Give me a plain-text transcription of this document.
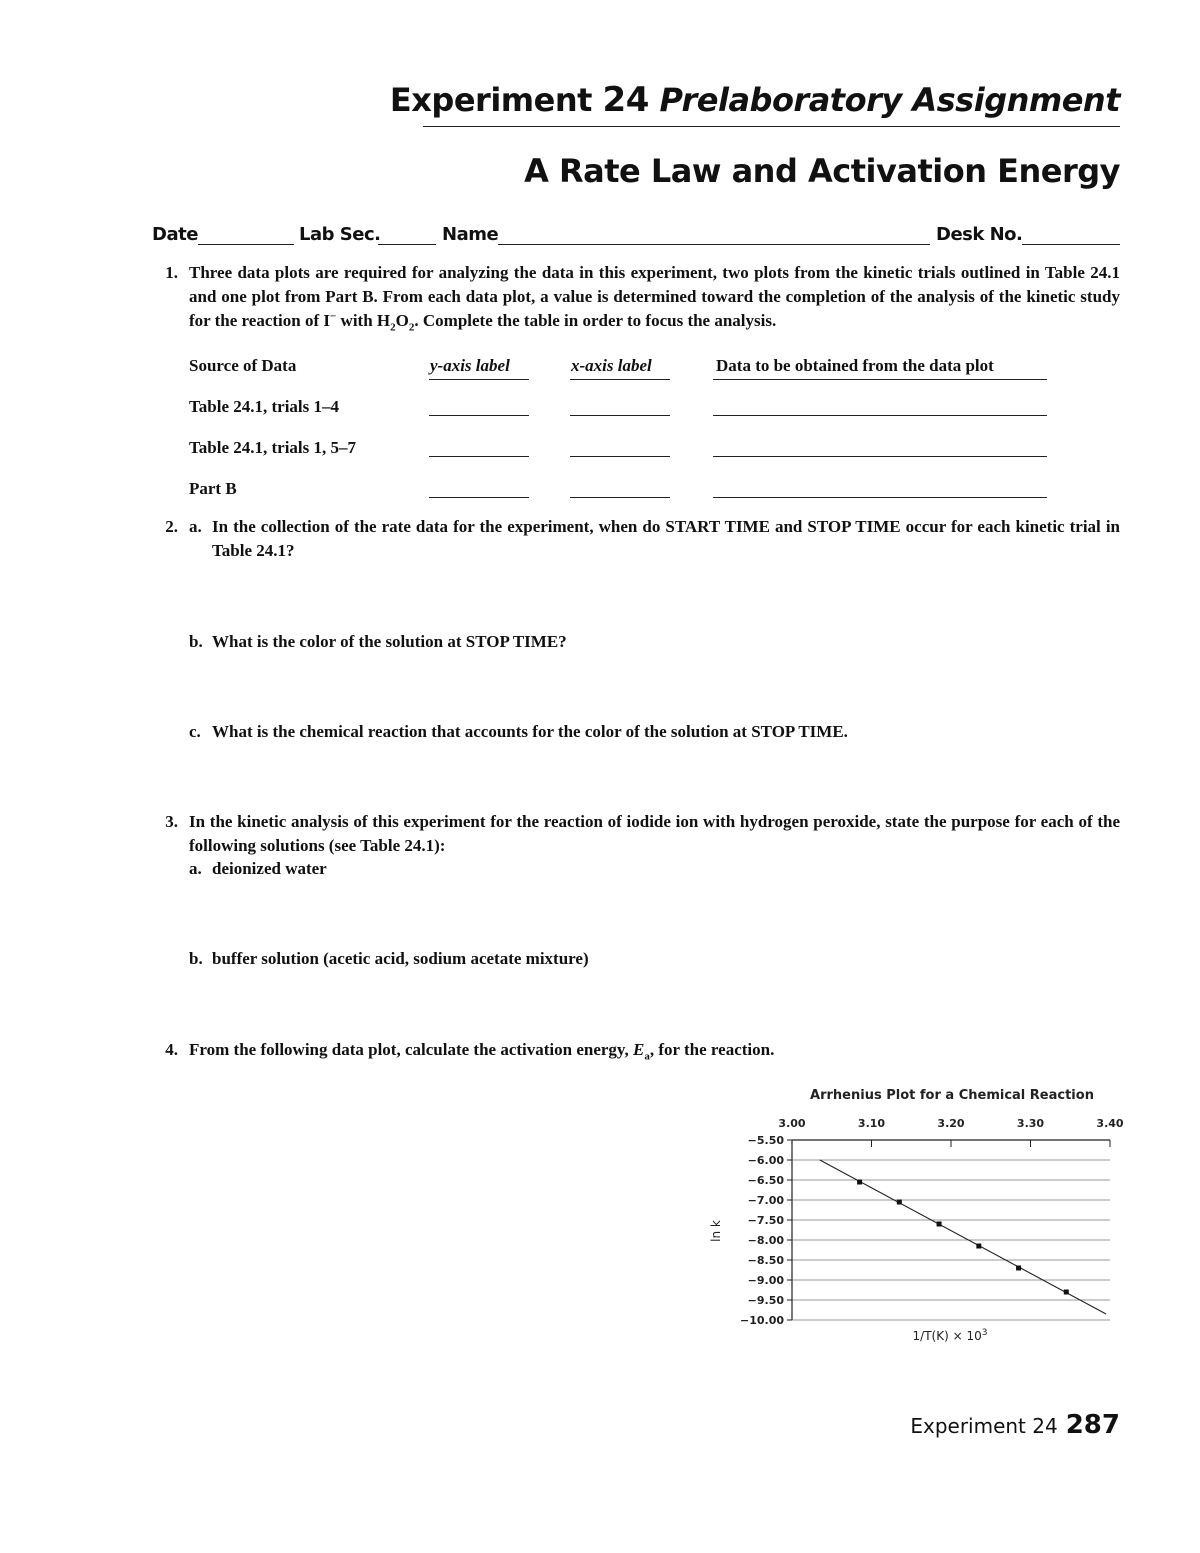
Experiment 24 Prelaboratory Assignment
A Rate Law and Activation Energy
Date	Lab Sec.	Name	Desk No.
1. Three data plots are required for analyzing the data in this experiment, two plots from the kinetic trials outlined in Table 24.1 and one plot from Part B. From each data plot, a value is determined toward the completion of the analysis of the kinetic study for the reaction of I− with $H_2O_2$. Complete the table in order to focus the analysis.
Source of Data	y-axis label	x-axis label	Data to be obtained from the data plot
Table 24.1, trials 1–4
Table 24.1, trials 1, 5–7
Part B
2. a. In the collection of the rate data for the experiment, when do START TIME and STOP TIME occur for each kinetic trial in Table 24.1?
b. What is the color of the solution at STOP TIME?
c. What is the chemical reaction that accounts for the color of the solution at STOP TIME.
3. In the kinetic analysis of this experiment for the reaction of iodide ion with hydrogen peroxide, state the purpose for each of the following solutions (see Table 24.1):
a. deionized water
b. buffer solution (acetic acid, sodium acetate mixture)
4. From the following data plot, calculate the activation energy, $E_a$, for the reaction.
−5.50
−6.00
−6.50
−7.00
−7.50
−8.00
−8.50
−9.00
−9.50
−10.00
3.00	3.10	3.20	3.30	3.40
Arrhenius Plot for a Chemical Reaction
ln k
$1/T(K) \times 10^3$
Experiment 24 287
